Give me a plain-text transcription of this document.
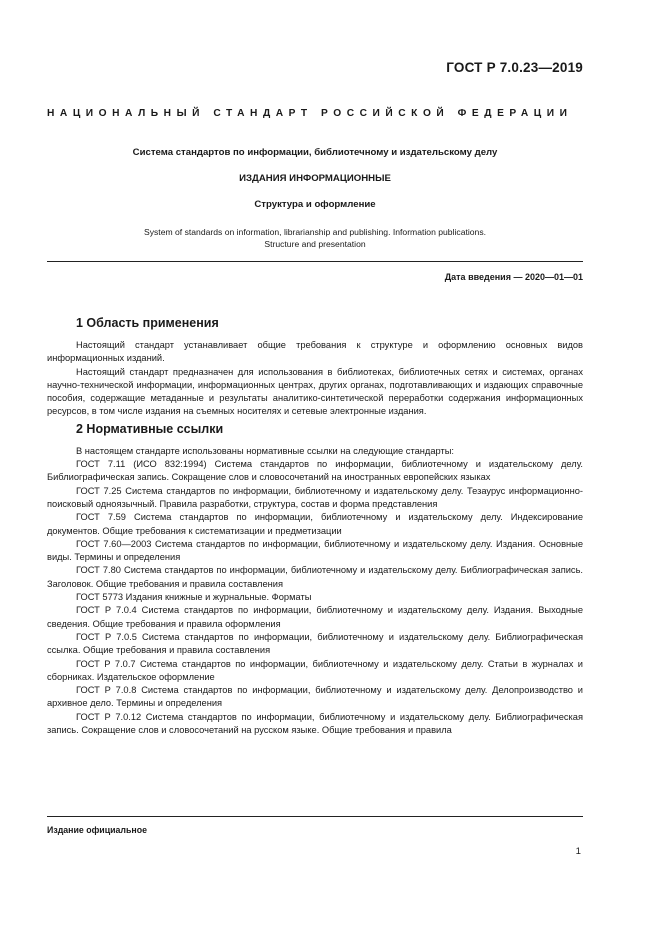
ГОСТ Р 7.0.23—2019
НАЦИОНАЛЬНЫЙ СТАНДАРТ РОССИЙСКОЙ ФЕДЕРАЦИИ
Система стандартов по информации, библиотечному и издательскому делу
ИЗДАНИЯ ИНФОРМАЦИОННЫЕ
Структура и оформление
System of standards on information, librarianship and publishing. Information publications.
Structure and presentation
Дата введения — 2020—01—01
1 Область применения

Настоящий стандарт устанавливает общие требования к структуре и оформлению основных видов информационных изданий.

Настоящий стандарт предназначен для использования в библиотеках, библиотечных сетях и системах, органах научно-технической информации, информационных центрах, других органах, подготавливающих и издающих справочные пособия, содержащие метаданные и результаты аналитико-синтетической переработки содержания информационных ресурсов, в том числе издания на съемных носителях и сетевые электронные издания.

2 Нормативные ссылки

В настоящем стандарте использованы нормативные ссылки на следующие стандарты:

ГОСТ 7.11 (ИСО 832:1994) Система стандартов по информации, библиотечному и издательскому делу. Библиографическая запись. Сокращение слов и словосочетаний на иностранных европейских языках

ГОСТ 7.25 Система стандартов по информации, библиотечному и издательскому делу. Тезаурус информационно-поисковый одноязычный. Правила разработки, структура, состав и форма представления

ГОСТ 7.59 Система стандартов по информации, библиотечному и издательскому делу. Индексирование документов. Общие требования к систематизации и предметизации

ГОСТ 7.60—2003 Система стандартов по информации, библиотечному и издательскому делу. Издания. Основные виды. Термины и определения

ГОСТ 7.80 Система стандартов по информации, библиотечному и издательскому делу. Библиографическая запись. Заголовок. Общие требования и правила составления

ГОСТ 5773 Издания книжные и журнальные. Форматы

ГОСТ Р 7.0.4 Система стандартов по информации, библиотечному и издательскому делу. Издания. Выходные сведения. Общие требования и правила оформления

ГОСТ Р 7.0.5 Система стандартов по информации, библиотечному и издательскому делу. Библиографическая ссылка. Общие требования и правила составления

ГОСТ Р 7.0.7 Система стандартов по информации, библиотечному и издательскому делу. Статьи в журналах и сборниках. Издательское оформление

ГОСТ Р 7.0.8 Система стандартов по информации, библиотечному и издательскому делу. Делопроизводство и архивное дело. Термины и определения

ГОСТ Р 7.0.12 Система стандартов по информации, библиотечному и издательскому делу. Библиографическая запись. Сокращение слов и словосочетаний на русском языке. Общие требования и правила

Издание официальное
1
